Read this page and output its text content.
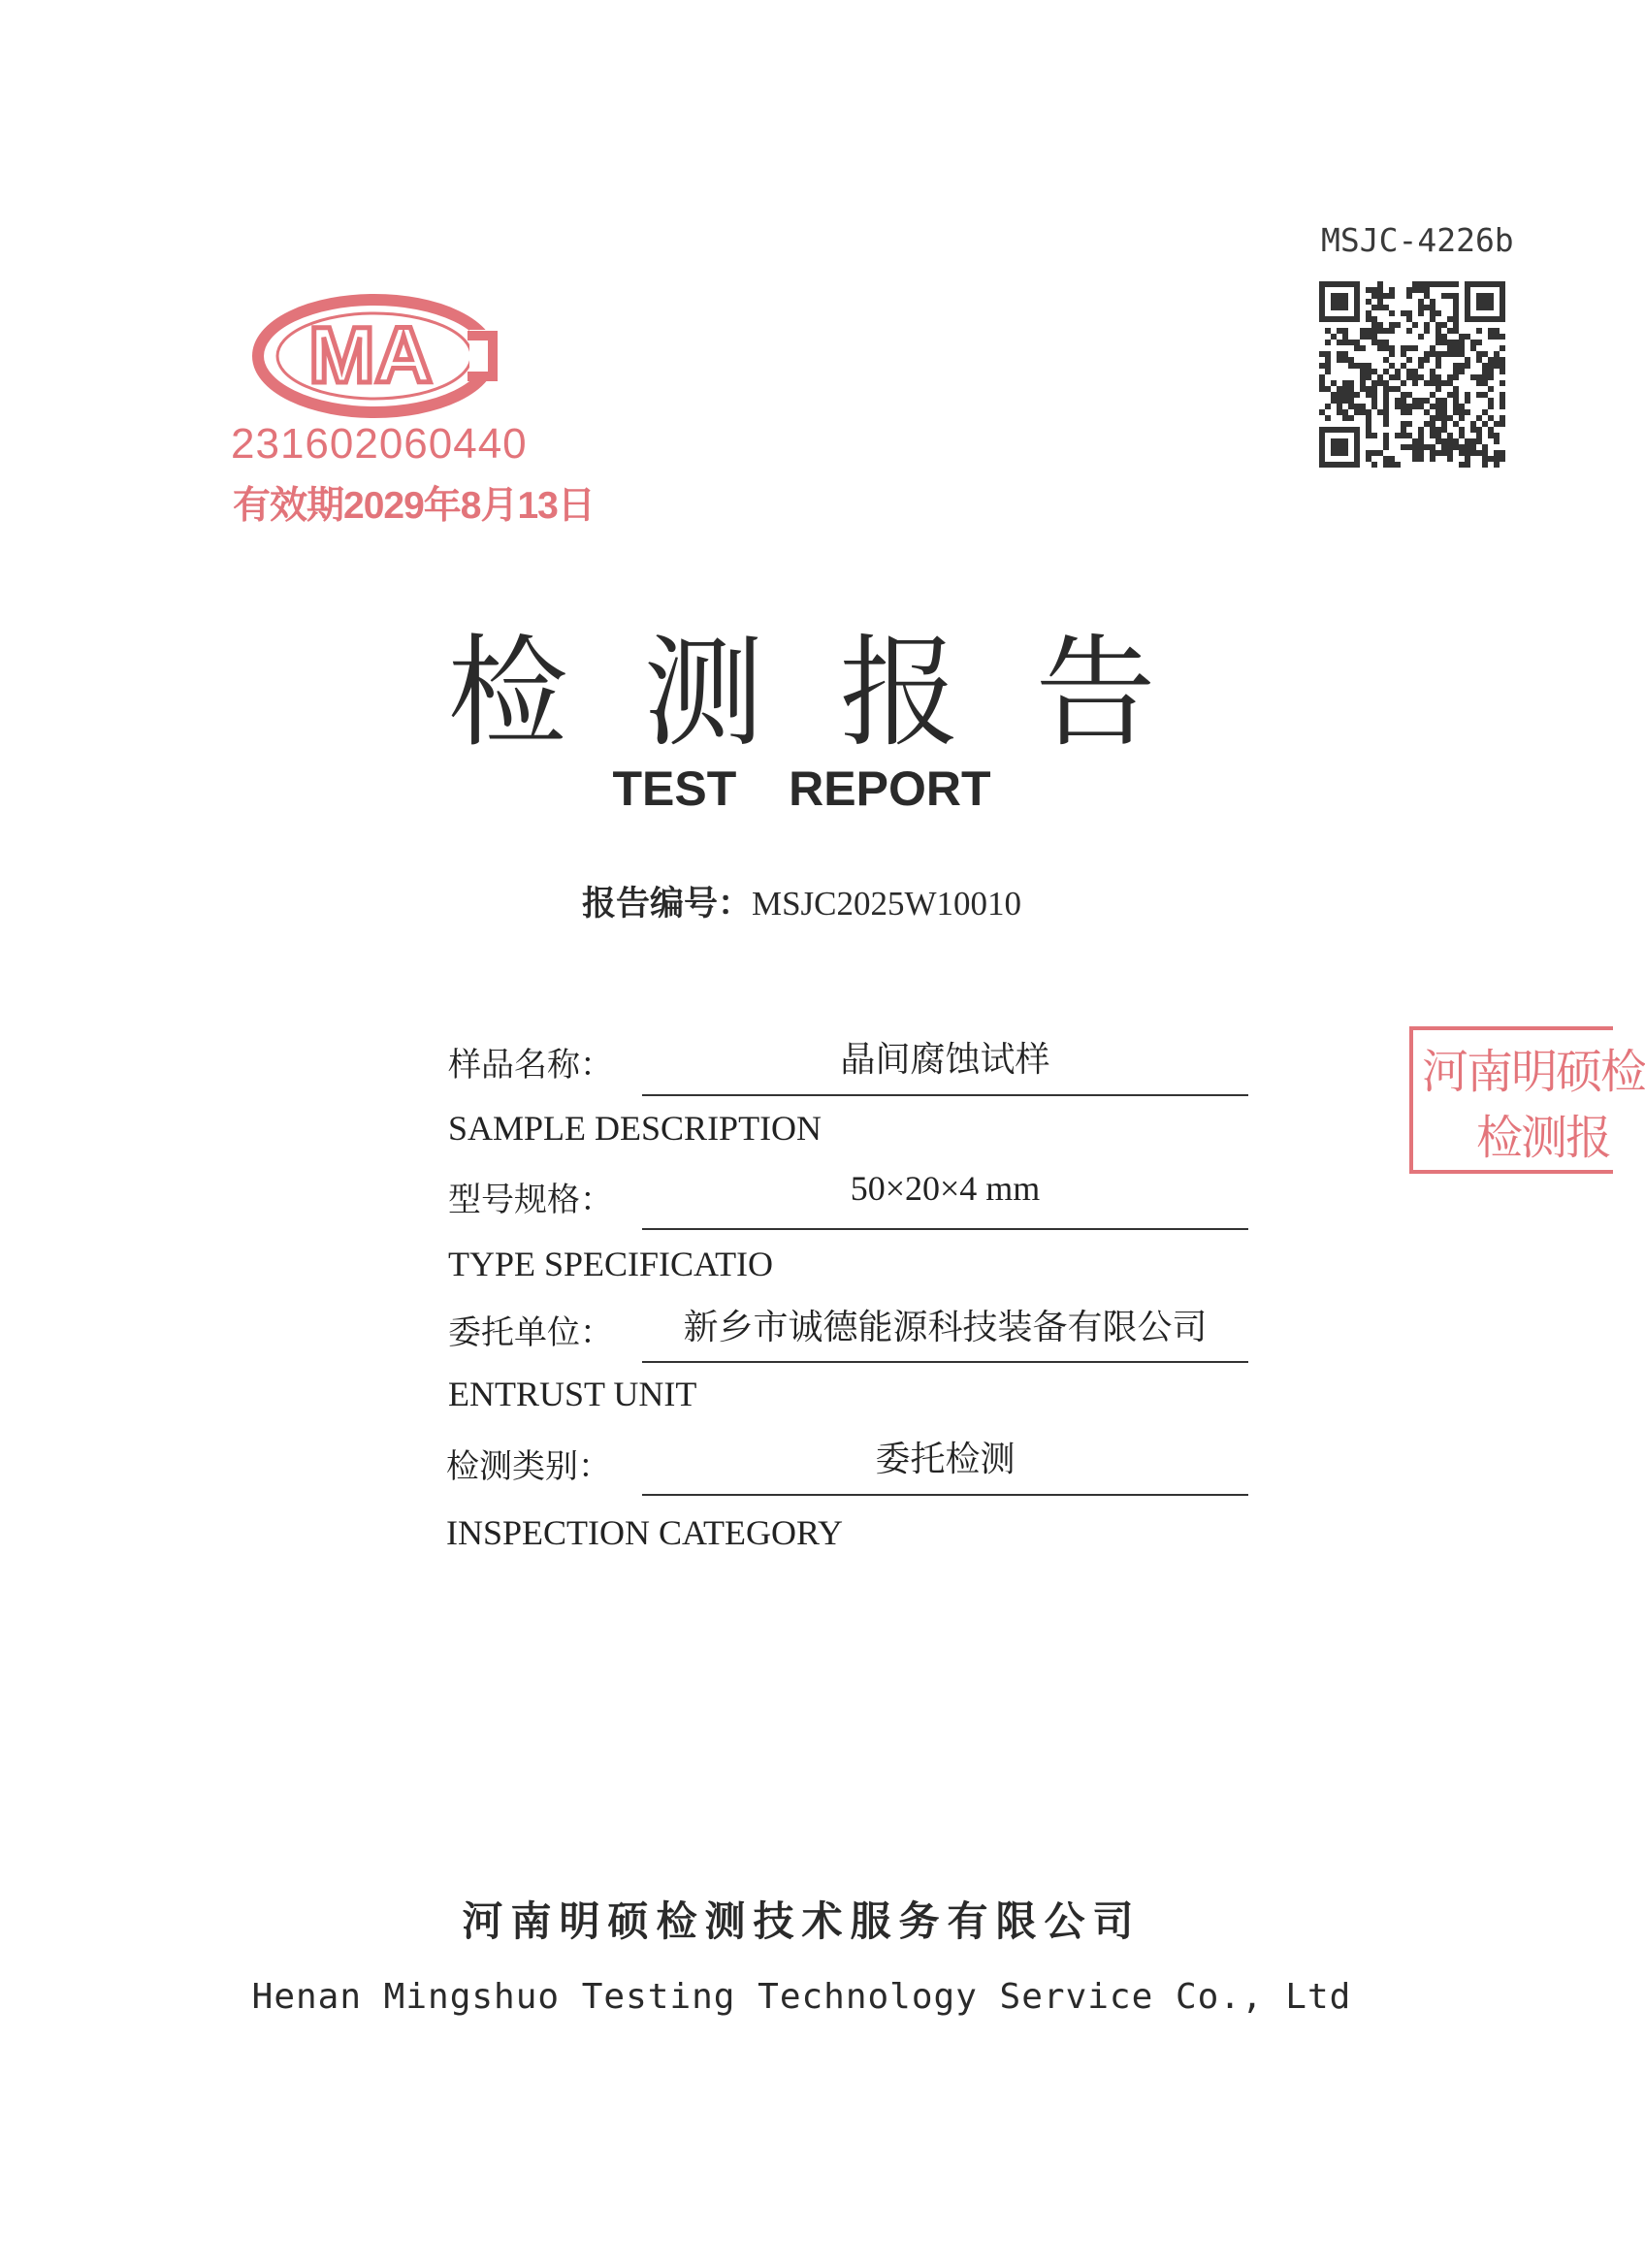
MSJC-4226b
MA
231602060440
有效期2029年8月13日
河南明硕检
检测报
检测报告
TEST REPORT
报告编号：MSJC2025W10010
样品名称：	晶间腐蚀试样
SAMPLE DESCRIPTION
型号规格：	50×20×4 mm
TYPE SPECIFICATIO
委托单位：	新乡市诚德能源科技装备有限公司
ENTRUST UNIT
检测类别：	委托检测
INSPECTION CATEGORY
河南明硕检测技术服务有限公司
Henan Mingshuo Testing Technology Service Co., Ltd
